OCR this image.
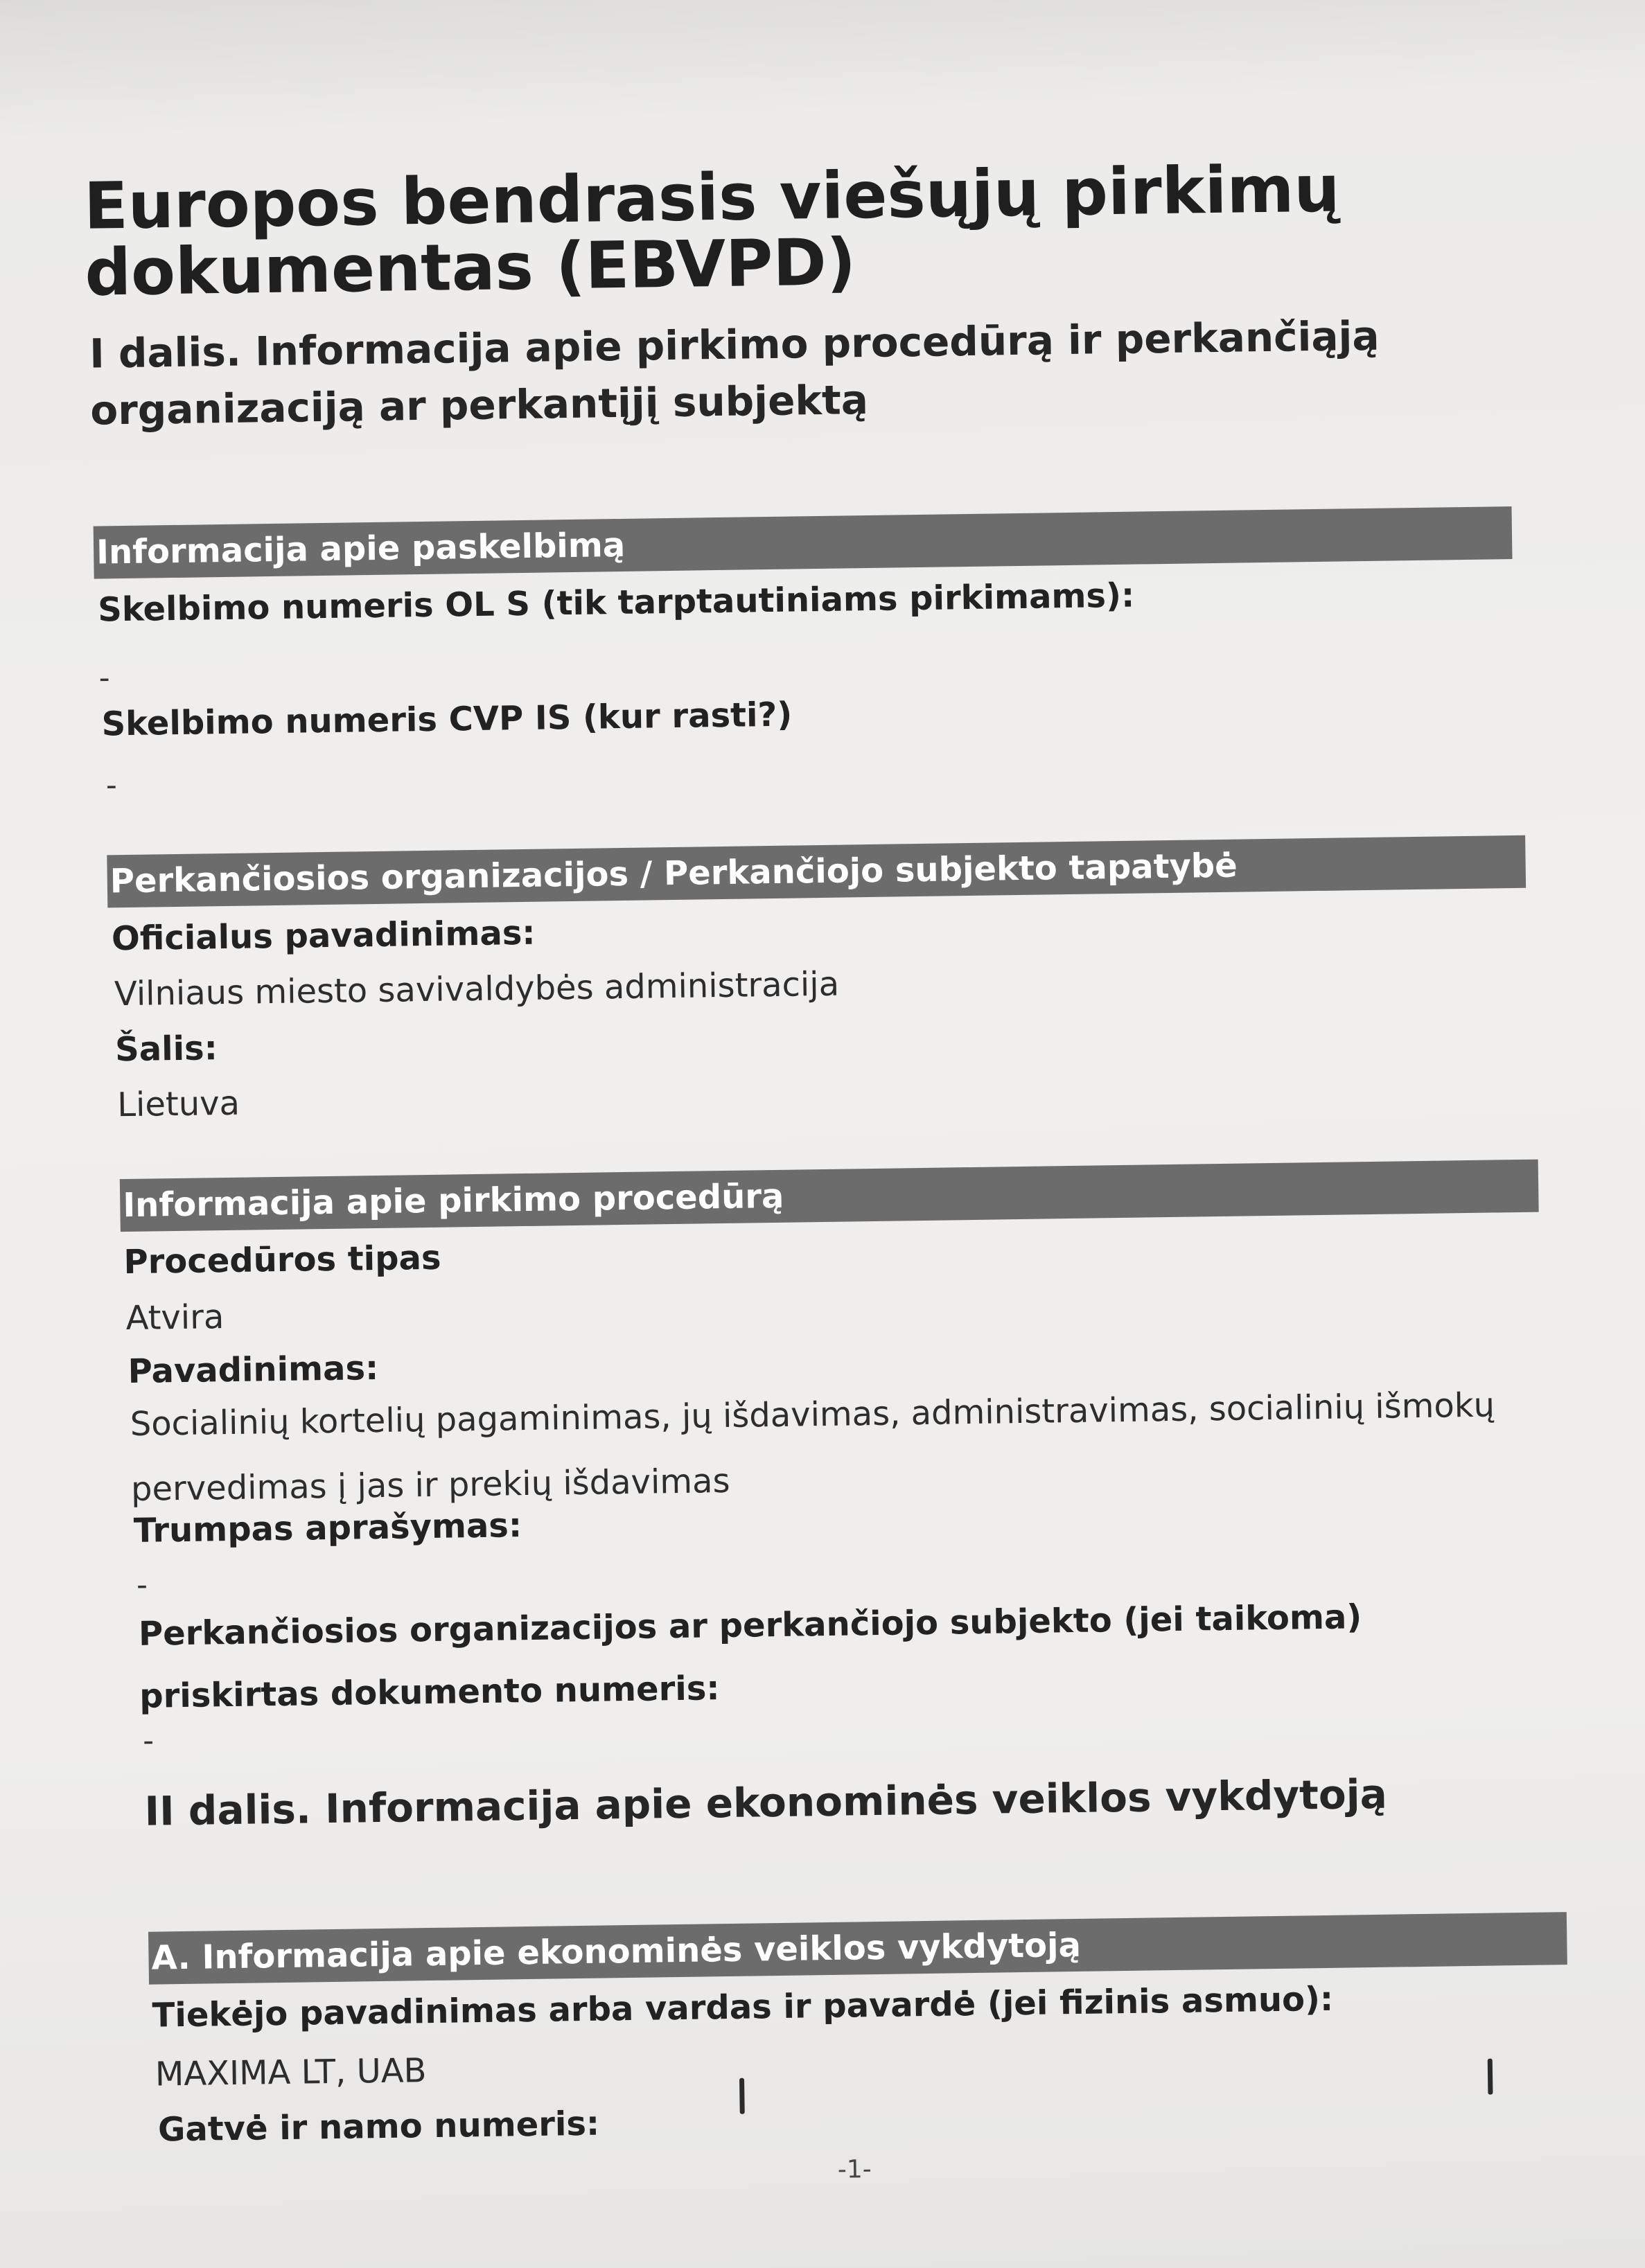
Europos bendrasis viešųjų pirkimų dokumentas (EBVPD)
I dalis. Informacija apie pirkimo procedūrą ir perkančiąją organizaciją ar perkantįjį subjektą
Informacija apie paskelbimą
Skelbimo numeris OL S (tik tarptautiniams pirkimams):
-
Skelbimo numeris CVP IS (kur rasti?)
-
Perkančiosios organizacijos / Perkančiojo subjekto tapatybė
Oficialus pavadinimas:
Vilniaus miesto savivaldybės administracija
Šalis:
Lietuva
Informacija apie pirkimo procedūrą
Procedūros tipas
Atvira
Pavadinimas:
Socialinių kortelių pagaminimas, jų išdavimas, administravimas, socialinių išmokų pervedimas į jas ir prekių išdavimas
Trumpas aprašymas:
-
Perkančiosios organizacijos ar perkančiojo subjekto (jei taikoma) priskirtas dokumento numeris:
-
II dalis. Informacija apie ekonominės veiklos vykdytoją
A. Informacija apie ekonominės veiklos vykdytoją
Tiekėjo pavadinimas arba vardas ir pavardė (jei fizinis asmuo):
MAXIMA LT, UAB
Gatvė ir namo numeris:
-1-
